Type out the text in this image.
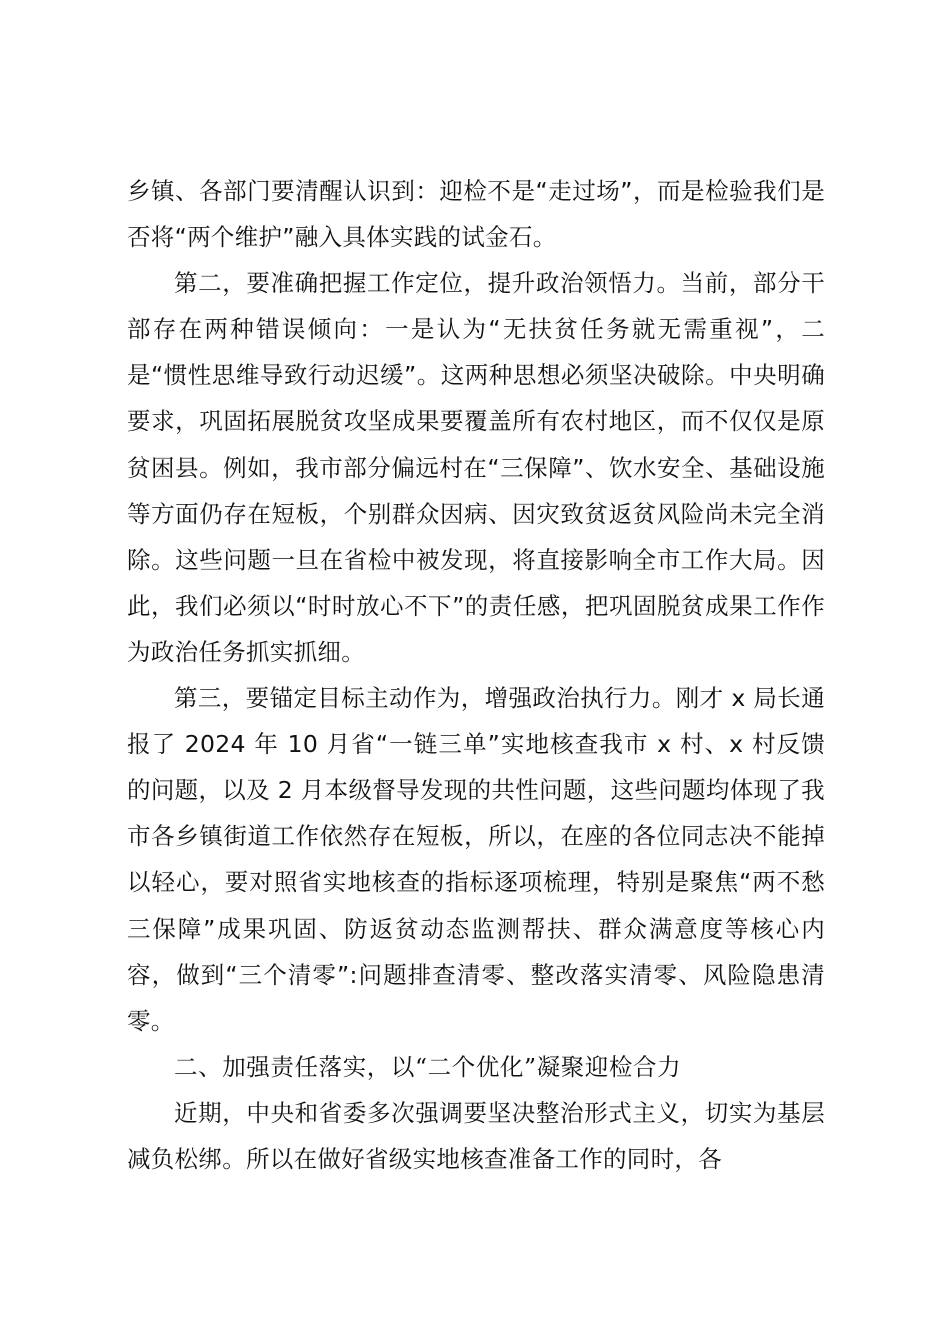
乡镇、各部门要清醒认识到：迎检不是“走过场”，而是检验我们是否将“两个维护”融入具体实践的试金石。

第二，要准确把握工作定位，提升政治领悟力。当前，部分干部存在两种错误倾向：一是认为“无扶贫任务就无需重视”，二是“惯性思维导致行动迟缓”。这两种思想必须坚决破除。中央明确要求，巩固拓展脱贫攻坚成果要覆盖所有农村地区，而不仅仅是原贫困县。例如，我市部分偏远村在“三保障”、饮水安全、基础设施等方面仍存在短板，个别群众因病、因灾致贫返贫风险尚未完全消除。这些问题一旦在省检中被发现，将直接影响全市工作大局。因此，我们必须以“时时放心不下”的责任感，把巩固脱贫成果工作作为政治任务抓实抓细。

第三，要锚定目标主动作为，增强政治执行力。刚才 x 局长通报了 2024 年 10 月省“一链三单”实地核查我市 x 村、x 村反馈的问题，以及 2 月本级督导发现的共性问题，这些问题均体现了我市各乡镇街道工作依然存在短板，所以，在座的各位同志决不能掉以轻心，要对照省实地核查的指标逐项梳理，特别是聚焦“两不愁三保障”成果巩固、防返贫动态监测帮扶、群众满意度等核心内容，做到“三个清零”:问题排查清零、整改落实清零、风险隐患清零。

二、加强责任落实，以“二个优化”凝聚迎检合力

近期，中央和省委多次强调要坚决整治形式主义，切实为基层减负松绑。所以在做好省级实地核查准备工作的同时，各
